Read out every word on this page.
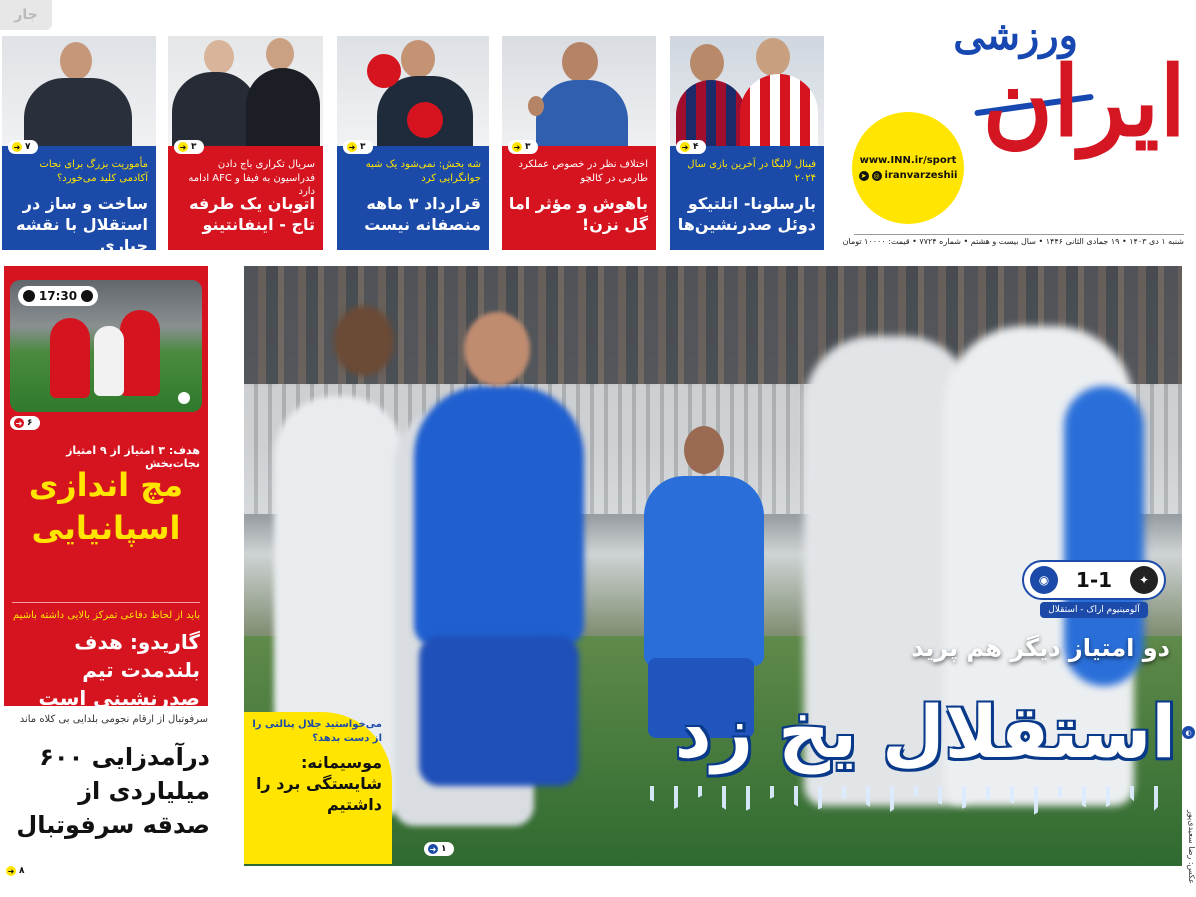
جار	ورزشی
ایران
www.INN.ir/sport
➤ ◎ iranvarzeshii
شنبه ۱ دی ۱۴۰۳ • ۱۹ جمادی الثانی ۱۴۴۶ • سال بیست و هشتم • شماره ۷۷۲۴ • قیمت: ۱۰۰۰۰ تومان
➜ ۴
فینال لالیگا در آخرین بازی سال ۲۰۲۴
بارسلونا- اتلتیکو دوئل صدرنشین‌ها
➜ ۳
اختلاف نظر در خصوص عملکرد طارمی در کالچو
باهوش و مؤثر اما گل نزن!
➜ ۳
شه بخش: نمی‌شود یک شبه جوانگرایی کرد
قرارداد ۳ ماهه منصفانه نیست
➜ ۳
سریال تکراری باج دادن فدراسیون به فیفا و AFC ادامه دارد
اتوبان یک طرفه تاج - اینفانتینو
➜ ۷
مأموریت بزرگ برای نجات آکادمی کلید می‌خورد؟
ساخت و ساز در استقلال با نقشه جباری
◉	1-1	✦
آلومینیوم اراک - استقلال
دو امتیاز دیگر هم پرید
استقلال یخ زد
➜ ۱
می‌خواستید جلال پنالتی را از دست بدهد؟
موسیمانه: شایستگی برد را داشتیم
◐
عکس: رضا سعیدی‌پور
17:30
➜ ۶
هدف: ۳ امتیاز از ۹ امتیاز نجات‌بخش
مچ اندازی اسپانیایی
باید از لحاظ دفاعی تمرکز بالایی داشته باشیم
گاریدو: هدف بلندمدت تیم صدرنشینی است
سرفوتبال از ارقام نجومی بلدایی بی کلاه ماند
درآمدزایی ۶۰۰ میلیاردی از صدقه سرفوتبال
➜ ۸
